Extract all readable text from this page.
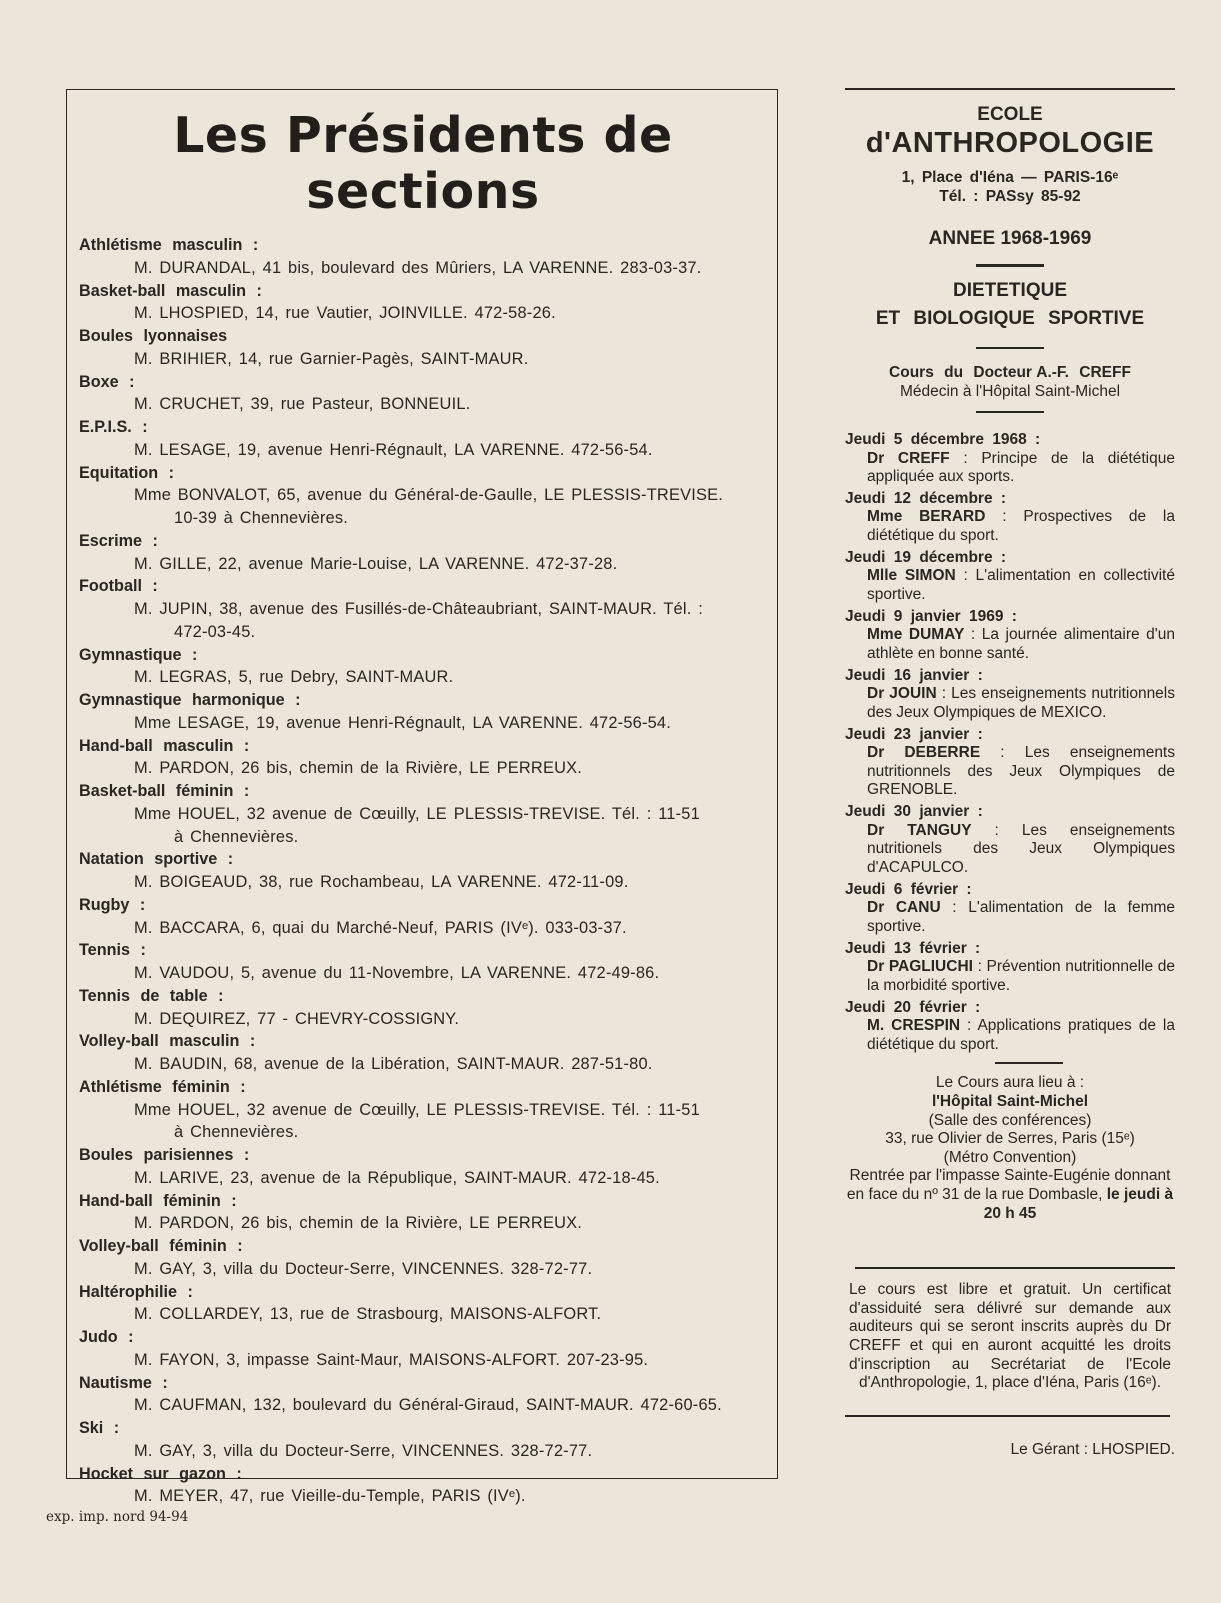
Les Présidents de sections
Athlétisme masculin :
M. DURANDAL, 41 bis, boulevard des Mûriers, LA VARENNE. 283-03-37.
Basket-ball masculin :
M. LHOSPIED, 14, rue Vautier, JOINVILLE. 472-58-26.
Boules lyonnaises
M. BRIHIER, 14, rue Garnier-Pagès, SAINT-MAUR.
Boxe :
M. CRUCHET, 39, rue Pasteur, BONNEUIL.
E.P.I.S. :
M. LESAGE, 19, avenue Henri-Régnault, LA VARENNE. 472-56-54.
Equitation :
Mme BONVALOT, 65, avenue du Général-de-Gaulle, LE PLESSIS-TREVISE.
10-39 à Chennevières.
Escrime :
M. GILLE, 22, avenue Marie-Louise, LA VARENNE. 472-37-28.
Football :
M. JUPIN, 38, avenue des Fusillés-de-Châteaubriant, SAINT-MAUR. Tél. :
472-03-45.
Gymnastique :
M. LEGRAS, 5, rue Debry, SAINT-MAUR.
Gymnastique harmonique :
Mme LESAGE, 19, avenue Henri-Régnault, LA VARENNE. 472-56-54.
Hand-ball masculin :
M. PARDON, 26 bis, chemin de la Rivière, LE PERREUX.
Basket-ball féminin :
Mme HOUEL, 32 avenue de Cœuilly, LE PLESSIS-TREVISE. Tél. : 11-51
à Chennevières.
Natation sportive :
M. BOIGEAUD, 38, rue Rochambeau, LA VARENNE. 472-11-09.
Rugby :
M. BACCARA, 6, quai du Marché-Neuf, PARIS (IVᵉ). 033-03-37.
Tennis :
M. VAUDOU, 5, avenue du 11-Novembre, LA VARENNE. 472-49-86.
Tennis de table :
M. DEQUIREZ, 77 - CHEVRY-COSSIGNY.
Volley-ball masculin :
M. BAUDIN, 68, avenue de la Libération, SAINT-MAUR. 287-51-80.
Athlétisme féminin :
Mme HOUEL, 32 avenue de Cœuilly, LE PLESSIS-TREVISE. Tél. : 11-51
à Chennevières.
Boules parisiennes :
M. LARIVE, 23, avenue de la République, SAINT-MAUR. 472-18-45.
Hand-ball féminin :
M. PARDON, 26 bis, chemin de la Rivière, LE PERREUX.
Volley-ball féminin :
M. GAY, 3, villa du Docteur-Serre, VINCENNES. 328-72-77.
Haltérophilie :
M. COLLARDEY, 13, rue de Strasbourg, MAISONS-ALFORT.
Judo :
M. FAYON, 3, impasse Saint-Maur, MAISONS-ALFORT. 207-23-95.
Nautisme :
M. CAUFMAN, 132, boulevard du Général-Giraud, SAINT-MAUR. 472-60-65.
Ski :
M. GAY, 3, villa du Docteur-Serre, VINCENNES. 328-72-77.
Hocket sur gazon :
M. MEYER, 47, rue Vieille-du-Temple, PARIS (IVᵉ).
ECOLE
d'ANTHROPOLOGIE
1, Place d'Iéna — PARIS-16ᵉ
Tél. : PASsy 85-92
ANNEE 1968-1969
DIETETIQUE
ET BIOLOGIQUE SPORTIVE
Cours du Docteur A.-F. CREFF
Médecin à l'Hôpital Saint-Michel
Jeudi 5 décembre 1968 :
Dr CREFF : Principe de la diététique appliquée aux sports.
Jeudi 12 décembre :
Mme BERARD : Prospectives de la diététique du sport.
Jeudi 19 décembre :
Mlle SIMON : L'alimentation en collectivité sportive.
Jeudi 9 janvier 1969 :
Mme DUMAY : La journée alimentaire d'un athlète en bonne santé.
Jeudi 16 janvier :
Dr JOUIN : Les enseignements nutritionnels des Jeux Olympiques de MEXICO.
Jeudi 23 janvier :
Dr DEBERRE : Les enseignements nutritionnels des Jeux Olympiques de GRENOBLE.
Jeudi 30 janvier :
Dr TANGUY : Les enseignements nutritionels des Jeux Olympiques d'ACAPULCO.
Jeudi 6 février :
Dr CANU : L'alimentation de la femme sportive.
Jeudi 13 février :
Dr PAGLIUCHI : Prévention nutritionnelle de la morbidité sportive.
Jeudi 20 février :
M. CRESPIN : Applications pratiques de la diététique du sport.
Le Cours aura lieu à :
l'Hôpital Saint-Michel
(Salle des conférences)
33, rue Olivier de Serres, Paris (15ᵉ)
(Métro Convention)
Rentrée par l'impasse Sainte-Eugénie donnant en face du nº 31 de la rue Dombasle, le jeudi à 20 h 45
Le cours est libre et gratuit. Un certificat d'assiduité sera délivré sur demande aux auditeurs qui se seront inscrits auprès du Dr CREFF et qui en auront acquitté les droits d'inscription au Secrétariat de l'Ecole d'Anthropologie, 1, place d'Iéna, Paris (16ᵉ).
Le Gérant : LHOSPIED.
exp. imp. nord 94-94
